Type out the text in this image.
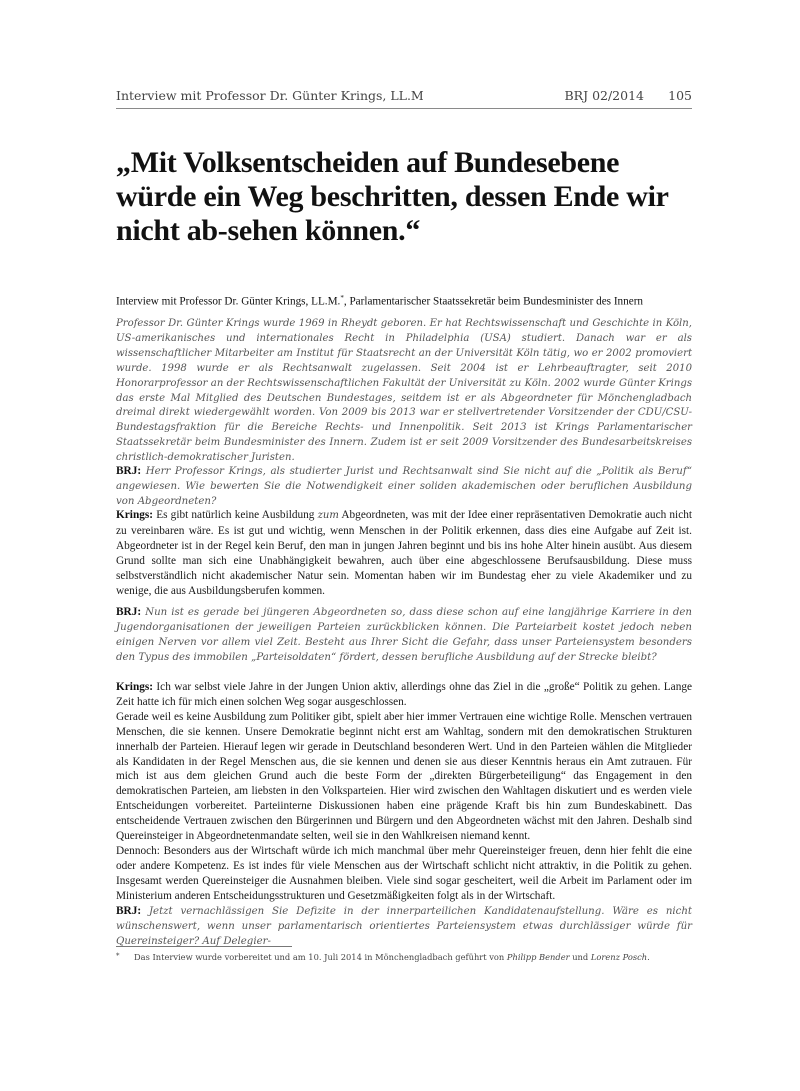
Interview mit Professor Dr. Günter Krings, LL.M	BRJ 02/2014 105
„Mit Volksentscheiden auf Bundesebene würde ein Weg beschritten, dessen Ende wir nicht ab-sehen können.“
Interview mit Professor Dr. Günter Krings, LL.M.*, Parlamentarischer Staatssekretär beim Bundesminister des Innern

Professor Dr. Günter Krings wurde 1969 in Rheydt geboren. Er hat Rechtswissenschaft und Geschichte in Köln, US-amerikanisches und internationales Recht in Philadelphia (USA) studiert. Danach war er als wissenschaftlicher Mitarbeiter am Institut für Staatsrecht an der Universität Köln tätig, wo er 2002 promoviert wurde. 1998 wurde er als Rechtsanwalt zugelassen. Seit 2004 ist er Lehrbeauftragter, seit 2010 Honorarprofessor an der Rechtswissenschaftlichen Fakultät der Universität zu Köln. 2002 wurde Günter Krings das erste Mal Mitglied des Deutschen Bundestages, seitdem ist er als Abgeordneter für Mönchengladbach dreimal direkt wiedergewählt worden. Von 2009 bis 2013 war er stellvertretender Vorsitzender der CDU/CSU-Bundestagsfraktion für die Bereiche Rechts- und Innenpolitik. Seit 2013 ist Krings Parlamentarischer Staatssekretär beim Bundesminister des Innern. Zudem ist er seit 2009 Vorsitzender des Bundesarbeitskreises christlich-demokratischer Juristen.

BRJ: Herr Professor Krings, als studierter Jurist und Rechtsanwalt sind Sie nicht auf die „Politik als Beruf“ angewiesen. Wie bewerten Sie die Notwendigkeit einer soliden akademischen oder beruflichen Ausbildung von Abgeordneten?

Krings: Es gibt natürlich keine Ausbildung zum Abgeordneten, was mit der Idee einer repräsentativen Demokratie auch nicht zu vereinbaren wäre. Es ist gut und wichtig, wenn Menschen in der Politik erkennen, dass dies eine Aufgabe auf Zeit ist. Abgeordneter ist in der Regel kein Beruf, den man in jungen Jahren beginnt und bis ins hohe Alter hinein ausübt. Aus diesem Grund sollte man sich eine Unabhängigkeit bewahren, auch über eine abgeschlossene Berufsausbildung. Diese muss selbstverständlich nicht akademischer Natur sein. Momentan haben wir im Bundestag eher zu viele Akademiker und zu wenige, die aus Ausbildungsberufen kommen.

BRJ: Nun ist es gerade bei jüngeren Abgeordneten so, dass diese schon auf eine langjährige Karriere in den Jugendorganisationen der jeweiligen Parteien zurückblicken können. Die Parteiarbeit kostet jedoch neben einigen Nerven vor allem viel Zeit. Besteht aus Ihrer Sicht die Gefahr, dass unser Parteiensystem besonders den Typus des immobilen „Parteisoldaten“ fördert, dessen berufliche Ausbildung auf der Strecke bleibt?

Krings: Ich war selbst viele Jahre in der Jungen Union aktiv, allerdings ohne das Ziel in die „große“ Politik zu gehen. Lange Zeit hatte ich für mich einen solchen Weg sogar ausgeschlossen.

Gerade weil es keine Ausbildung zum Politiker gibt, spielt aber hier immer Vertrauen eine wichtige Rolle. Menschen vertrauen Menschen, die sie kennen. Unsere Demokratie beginnt nicht erst am Wahltag, sondern mit den demokratischen Strukturen innerhalb der Parteien. Hierauf legen wir gerade in Deutschland besonderen Wert. Und in den Parteien wählen die Mitglieder als Kandidaten in der Regel Menschen aus, die sie kennen und denen sie aus dieser Kenntnis heraus ein Amt zutrauen. Für mich ist aus dem gleichen Grund auch die beste Form der „direkten Bürgerbeteiligung“ das Engagement in den demokratischen Parteien, am liebsten in den Volksparteien. Hier wird zwischen den Wahltagen diskutiert und es werden viele Entscheidungen vorbereitet. Parteiinterne Diskussionen haben eine prägende Kraft bis hin zum Bundeskabinett. Das entscheidende Vertrauen zwischen den Bürgerinnen und Bürgern und den Abgeordneten wächst mit den Jahren. Deshalb sind Quereinsteiger in Abgeordnetenmandate selten, weil sie in den Wahlkreisen niemand kennt.

Dennoch: Besonders aus der Wirtschaft würde ich mich manchmal über mehr Quereinsteiger freuen, denn hier fehlt die eine oder andere Kompetenz. Es ist indes für viele Menschen aus der Wirtschaft schlicht nicht attraktiv, in die Politik zu gehen. Insgesamt werden Quereinsteiger die Ausnahmen bleiben. Viele sind sogar gescheitert, weil die Arbeit im Parlament oder im Ministerium anderen Entscheidungsstrukturen und Gesetzmäßigkeiten folgt als in der Wirtschaft.

BRJ: Jetzt vernachlässigen Sie Defizite in der innerparteilichen Kandidatenaufstellung. Wäre es nicht wünschenswert, wenn unser parlamentarisch orientiertes Parteiensystem etwas durchlässiger würde für Quereinsteiger? Auf Delegier-

* Das Interview wurde vorbereitet und am 10. Juli 2014 in Mönchengladbach geführt von Philipp Bender und Lorenz Posch.
